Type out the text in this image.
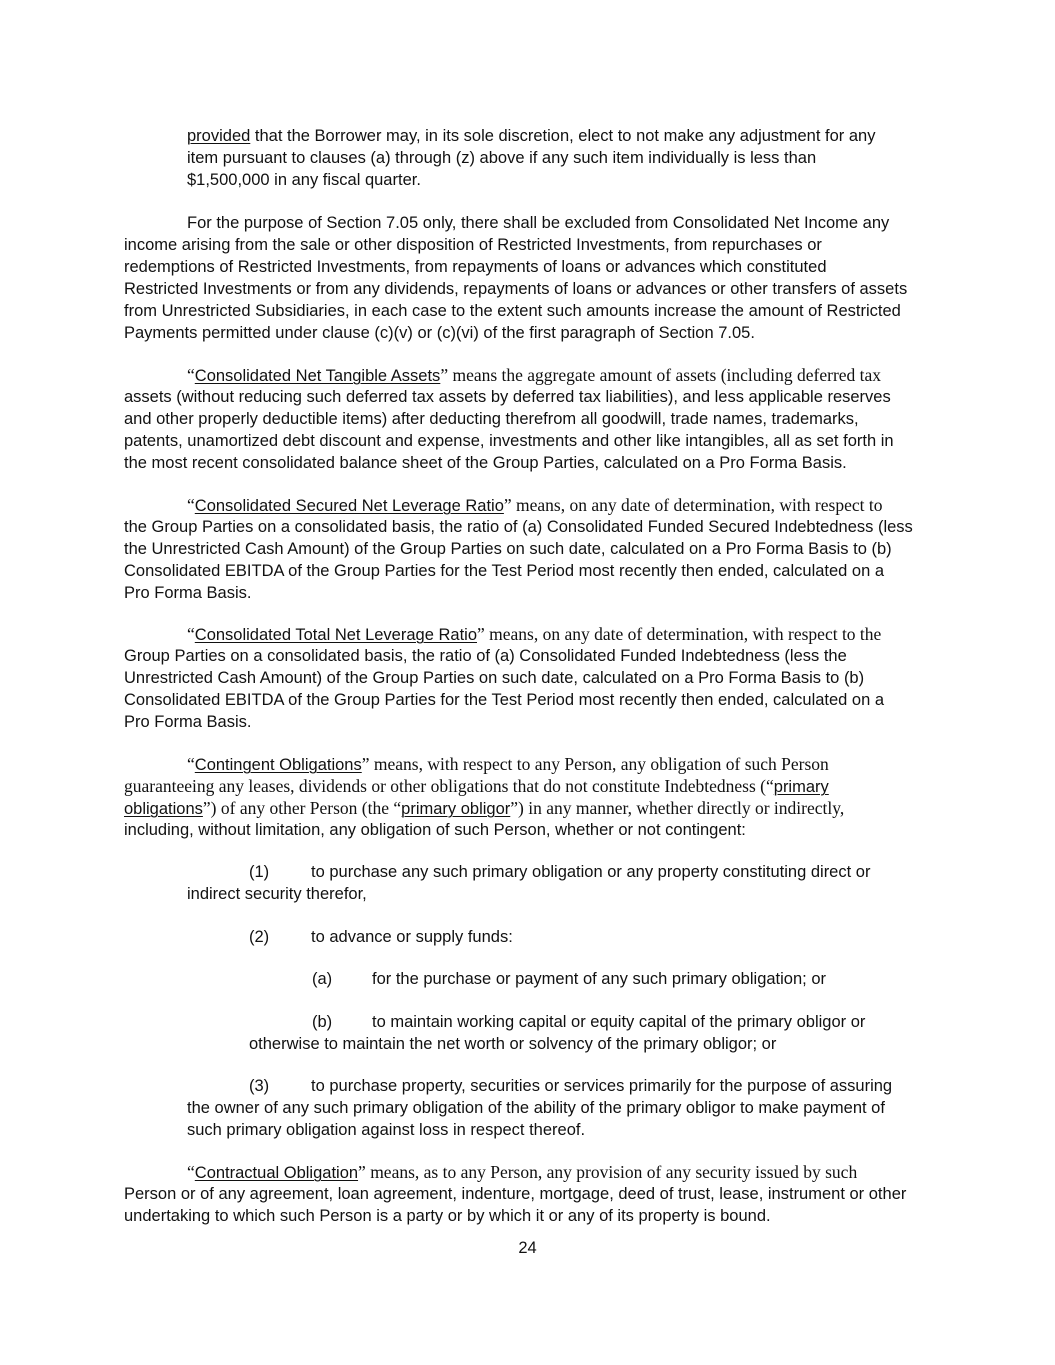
provided that the Borrower may, in its sole discretion, elect to not make any adjustment for any

item pursuant to clauses (a) through (z) above if any such item individually is less than

$1,500,000 in any fiscal quarter.

For the purpose of Section 7.05 only, there shall be excluded from Consolidated Net Income any

income arising from the sale or other disposition of Restricted Investments, from repurchases or

redemptions of Restricted Investments, from repayments of loans or advances which constituted

Restricted Investments or from any dividends, repayments of loans or advances or other transfers of assets

from Unrestricted Subsidiaries, in each case to the extent such amounts increase the amount of Restricted

Payments permitted under clause (c)(v) or (c)(vi) of the first paragraph of Section 7.05.

“Consolidated Net Tangible Assets” means the aggregate amount of assets (including deferred tax

assets (without reducing such deferred tax assets by deferred tax liabilities), and less applicable reserves

and other properly deductible items) after deducting therefrom all goodwill, trade names, trademarks,

patents, unamortized debt discount and expense, investments and other like intangibles, all as set forth in

the most recent consolidated balance sheet of the Group Parties, calculated on a Pro Forma Basis.

“Consolidated Secured Net Leverage Ratio” means, on any date of determination, with respect to

the Group Parties on a consolidated basis, the ratio of (a) Consolidated Funded Secured Indebtedness (less

the Unrestricted Cash Amount) of the Group Parties on such date, calculated on a Pro Forma Basis to (b)

Consolidated EBITDA of the Group Parties for the Test Period most recently then ended, calculated on a

Pro Forma Basis.

“Consolidated Total Net Leverage Ratio” means, on any date of determination, with respect to the

Group Parties on a consolidated basis, the ratio of (a) Consolidated Funded Indebtedness (less the

Unrestricted Cash Amount) of the Group Parties on such date, calculated on a Pro Forma Basis to (b)

Consolidated EBITDA of the Group Parties for the Test Period most recently then ended, calculated on a

Pro Forma Basis.

“Contingent Obligations” means, with respect to any Person, any obligation of such Person

guaranteeing any leases, dividends or other obligations that do not constitute Indebtedness (“primary

obligations”) of any other Person (the “primary obligor”) in any manner, whether directly or indirectly,

including, without limitation, any obligation of such Person, whether or not contingent:

(1)	to purchase any such primary obligation or any property constituting direct or

indirect security therefor,

(2)	to advance or supply funds:

(a) for the purchase or payment of any such primary obligation; or

(b) to maintain working capital or equity capital of the primary obligor or

otherwise to maintain the net worth or solvency of the primary obligor; or

(3)	to purchase property, securities or services primarily for the purpose of assuring

the owner of any such primary obligation of the ability of the primary obligor to make payment of

such primary obligation against loss in respect thereof.

“Contractual Obligation” means, as to any Person, any provision of any security issued by such

Person or of any agreement, loan agreement, indenture, mortgage, deed of trust, lease, instrument or other

undertaking to which such Person is a party or by which it or any of its property is bound.

24
